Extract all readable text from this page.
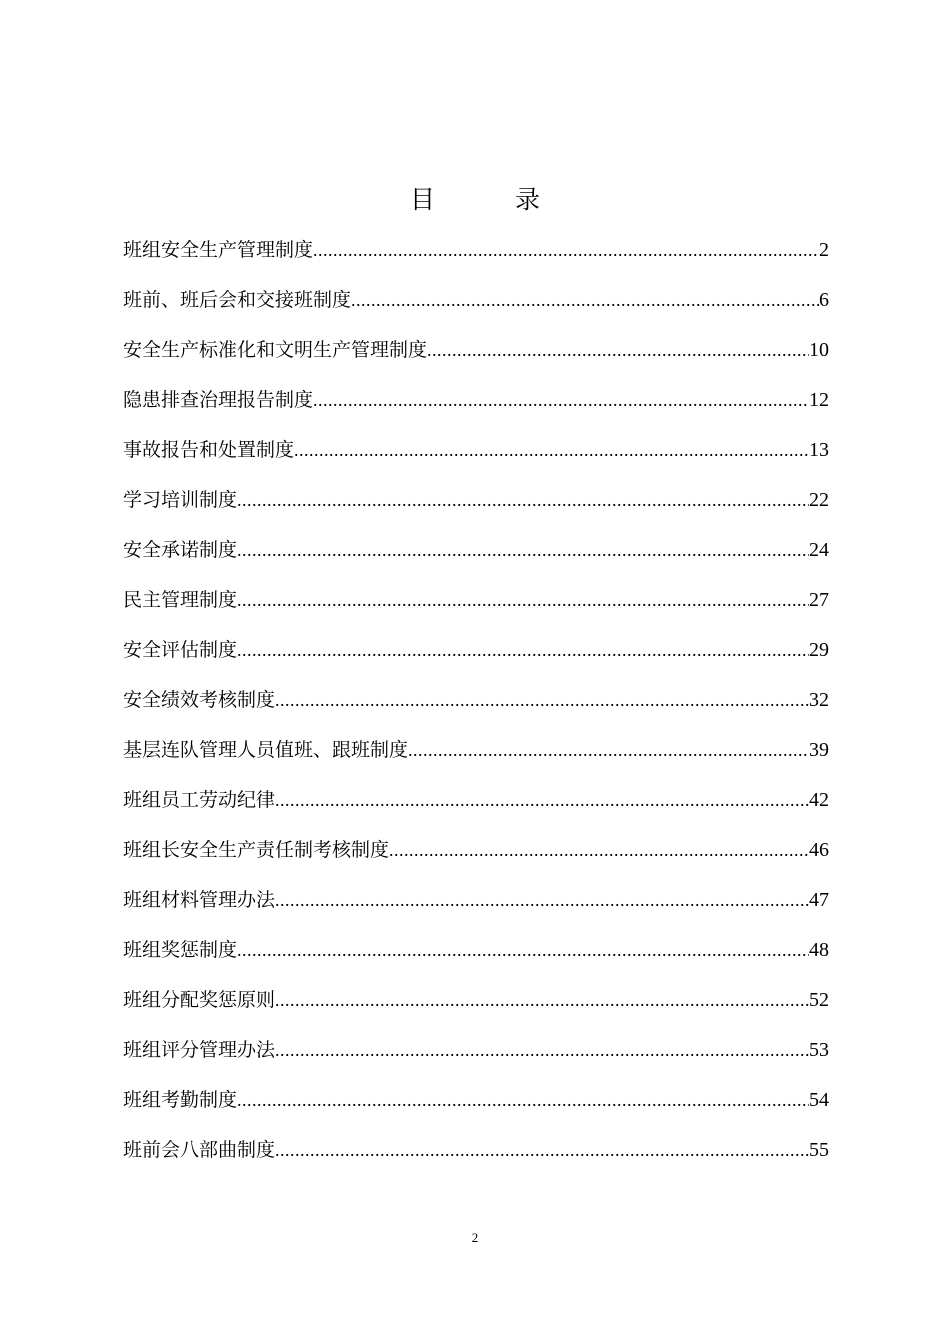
目 录
班组安全生产管理制度 .....	2
班前、班后会和交接班制度 .....	6
安全生产标准化和文明生产管理制度 .....	10
隐患排查治理报告制度 .....	12
事故报告和处置制度 .....	13
学习培训制度 .....	22
安全承诺制度 .....	24
民主管理制度 .....	27
安全评估制度 .....	29
安全绩效考核制度 .....	32
基层连队管理人员值班、跟班制度 .....	39
班组员工劳动纪律 .....	42
班组长安全生产责任制考核制度 .....	46
班组材料管理办法 .....	47
班组奖惩制度 .....	48
班组分配奖惩原则 .....	52
班组评分管理办法 .....	53
班组考勤制度 .....	54
班前会八部曲制度 .....	55
2
